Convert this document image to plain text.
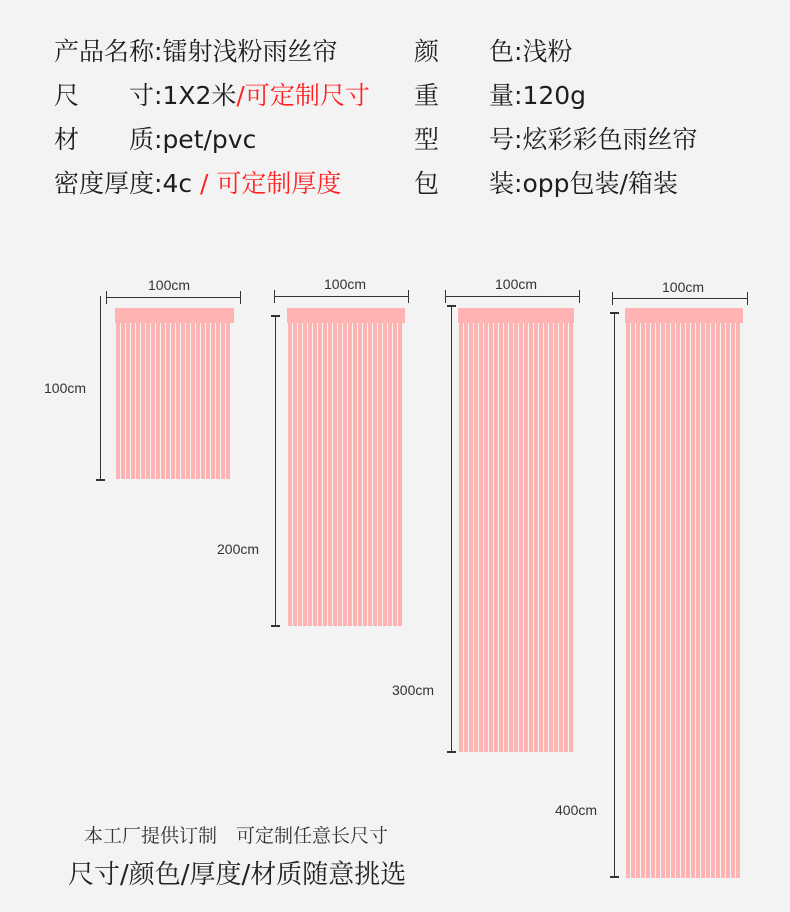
产品名称:镭射浅粉雨丝帘	颜　　色:浅粉
尺　　寸:1X2米/可定制尺寸 重　　量:120g
材　　质:pet/pvc	型　　号:炫彩彩色雨丝帘
密度厚度:4c / 可定制厚度	包　　装:opp包装/箱装
100cm
100cm
100cm
200cm
100cm
300cm
100cm
400cm
本工厂提供订制　可定制任意长尺寸
尺寸/颜色/厚度/材质随意挑选
